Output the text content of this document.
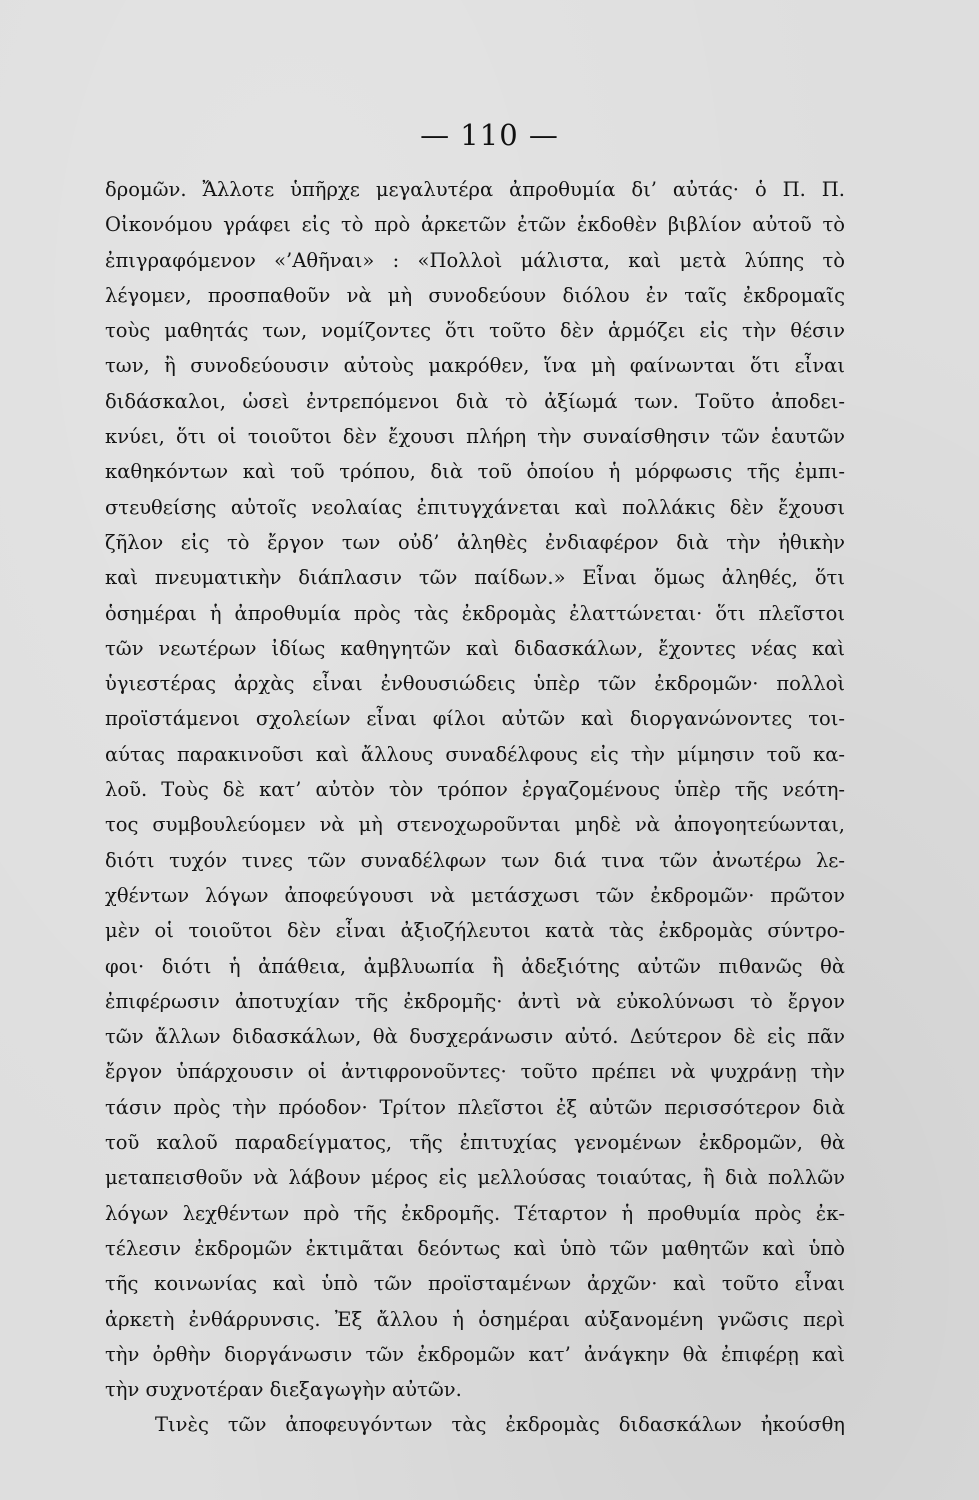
— 110 —
δρομῶν. Ἄλλοτε ὑπῆρχε μεγαλυτέρα ἀπροθυμία δι’ αὐτάς· ὁ Π. Π.
Οἰκονόμου γράφει εἰς τὸ πρὸ ἀρκετῶν ἐτῶν ἐκδοθὲν βιβλίον αὐτοῦ τὸ
ἐπιγραφόμενον «’Αθῆναι» : «Πολλοὶ μάλιστα, καὶ μετὰ λύπης τὸ
λέγομεν, προσπαθοῦν νὰ μὴ συνοδεύουν διόλου ἐν ταῖς ἐκδρομαῖς
τοὺς μαθητάς των, νομίζοντες ὅτι τοῦτο δὲν ἁρμόζει εἰς τὴν θέσιν
των, ἢ συνοδεύουσιν αὐτοὺς μακρόθεν, ἵνα μὴ φαίνωνται ὅτι εἶναι
διδάσκαλοι, ὡσεὶ ἐντρεπόμενοι διὰ τὸ ἀξίωμά των. Τοῦτο ἀποδει-
κνύει, ὅτι οἱ τοιοῦτοι δὲν ἔχουσι πλήρη τὴν συναίσθησιν τῶν ἑαυτῶν
καθηκόντων καὶ τοῦ τρόπου, διὰ τοῦ ὁποίου ἡ μόρφωσις τῆς ἐμπι-
στευθείσης αὐτοῖς νεολαίας ἐπιτυγχάνεται καὶ πολλάκις δὲν ἔχουσι
ζῆλον εἰς τὸ ἔργον των οὐδ’ ἀληθὲς ἐνδιαφέρον διὰ τὴν ἠθικὴν
καὶ πνευματικὴν διάπλασιν τῶν παίδων.» Εἶναι ὅμως ἀληθές, ὅτι
ὁσημέραι ἡ ἀπροθυμία πρὸς τὰς ἐκδρομὰς ἐλαττώνεται· ὅτι πλεῖστοι
τῶν νεωτέρων ἰδίως καθηγητῶν καὶ διδασκάλων, ἔχοντες νέας καὶ
ὑγιεστέρας ἀρχὰς εἶναι ἐνθουσιώδεις ὑπὲρ τῶν ἐκδρομῶν· πολλοὶ
προϊστάμενοι σχολείων εἶναι φίλοι αὐτῶν καὶ διοργανώνοντες τοι-
αύτας παρακινοῦσι καὶ ἄλλους συναδέλφους εἰς τὴν μίμησιν τοῦ κα-
λοῦ. Τοὺς δὲ κατ’ αὐτὸν τὸν τρόπον ἐργαζομένους ὑπὲρ τῆς νεότη-
τος συμβουλεύομεν νὰ μὴ στενοχωροῦνται μηδὲ νὰ ἀπογοητεύωνται,
διότι τυχόν τινες τῶν συναδέλφων των διά τινα τῶν ἀνωτέρω λε-
χθέντων λόγων ἀποφεύγουσι νὰ μετάσχωσι τῶν ἐκδρομῶν· πρῶτον
μὲν οἱ τοιοῦτοι δὲν εἶναι ἀξιοζήλευτοι κατὰ τὰς ἐκδρομὰς σύντρο-
φοι· διότι ἡ ἀπάθεια, ἀμβλυωπία ἢ ἀδεξιότης αὐτῶν πιθανῶς θὰ
ἐπιφέρωσιν ἀποτυχίαν τῆς ἐκδρομῆς· ἀντὶ νὰ εὐκολύνωσι τὸ ἔργον
τῶν ἄλλων διδασκάλων, θὰ δυσχεράνωσιν αὐτό. Δεύτερον δὲ εἰς πᾶν
ἔργον ὑπάρχουσιν οἱ ἀντιφρονοῦντες· τοῦτο πρέπει νὰ ψυχράνῃ τὴν
τάσιν πρὸς τὴν πρόοδον· Τρίτον πλεῖστοι ἐξ αὐτῶν περισσότερον διὰ
τοῦ καλοῦ παραδείγματος, τῆς ἐπιτυχίας γενομένων ἐκδρομῶν, θὰ
μεταπεισθοῦν νὰ λάβουν μέρος εἰς μελλούσας τοιαύτας, ἢ διὰ πολλῶν
λόγων λεχθέντων πρὸ τῆς ἐκδρομῆς. Τέταρτον ἡ προθυμία πρὸς ἐκ-
τέλεσιν ἐκδρομῶν ἐκτιμᾶται δεόντως καὶ ὑπὸ τῶν μαθητῶν καὶ ὑπὸ
τῆς κοινωνίας καὶ ὑπὸ τῶν προϊσταμένων ἀρχῶν· καὶ τοῦτο εἶναι
ἀρκετὴ ἐνθάρρυνσις. Ἐξ ἄλλου ἡ ὁσημέραι αὐξανομένη γνῶσις περὶ
τὴν ὀρθὴν διοργάνωσιν τῶν ἐκδρομῶν κατ’ ἀνάγκην θὰ ἐπιφέρῃ καὶ
τὴν συχνοτέραν διεξαγωγὴν αὐτῶν.
Τινὲς τῶν ἀποφευγόντων τὰς ἐκδρομὰς διδασκάλων ἠκούσθη
